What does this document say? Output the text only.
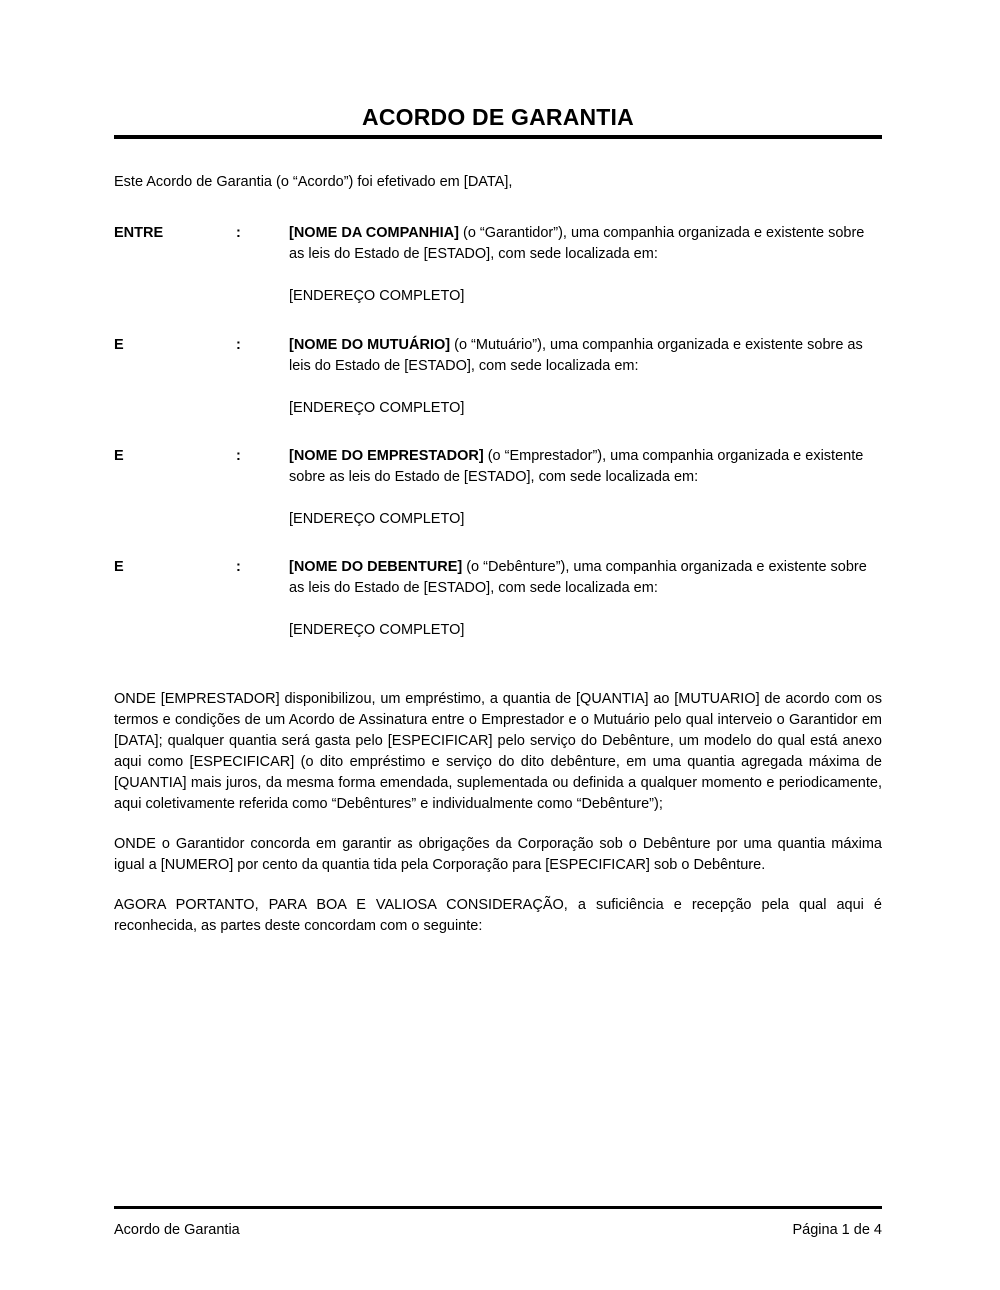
ACORDO DE GARANTIA

Este Acordo de Garantia (o “Acordo”) foi efetivado em [DATA],

ENTRE	:	[NOME DA COMPANHIA] (o “Garantidor”), uma companhia organizada e existente sobre as leis do Estado de [ESTADO], com sede localizada em:
[ENDEREÇO COMPLETO]
E	:	[NOME DO MUTUÁRIO] (o “Mutuário”), uma companhia organizada e existente sobre as leis do Estado de [ESTADO], com sede localizada em:
[ENDEREÇO COMPLETO]
E	:	[NOME DO EMPRESTADOR] (o “Emprestador”), uma companhia organizada e existente sobre as leis do Estado de [ESTADO], com sede localizada em:
[ENDEREÇO COMPLETO]
E	:	[NOME DO DEBENTURE] (o “Debênture”), uma companhia organizada e existente sobre as leis do Estado de [ESTADO], com sede localizada em:
[ENDEREÇO COMPLETO]

ONDE [EMPRESTADOR] disponibilizou, um empréstimo, a quantia de [QUANTIA] ao [MUTUARIO] de acordo com os termos e condições de um Acordo de Assinatura entre o Emprestador e o Mutuário pelo qual interveio o Garantidor em [DATA]; qualquer quantia será gasta pelo [ESPECIFICAR] pelo serviço do Debênture, um modelo do qual está anexo aqui como [ESPECIFICAR] (o dito empréstimo e serviço do dito debênture, em uma quantia agregada máxima de [QUANTIA] mais juros, da mesma forma emendada, suplementada ou definida a qualquer momento e periodicamente, aqui coletivamente referida como “Debêntures” e individualmente como “Debênture”);

ONDE o Garantidor concorda em garantir as obrigações da Corporação sob o Debênture por uma quantia máxima igual a [NUMERO] por cento da quantia tida pela Corporação para [ESPECIFICAR] sob o Debênture.

AGORA PORTANTO, PARA BOA E VALIOSA CONSIDERAÇÃO, a suficiência e recepção pela qual aqui é reconhecida, as partes deste concordam com o seguinte:

Acordo de Garantia	Página 1 de 4
